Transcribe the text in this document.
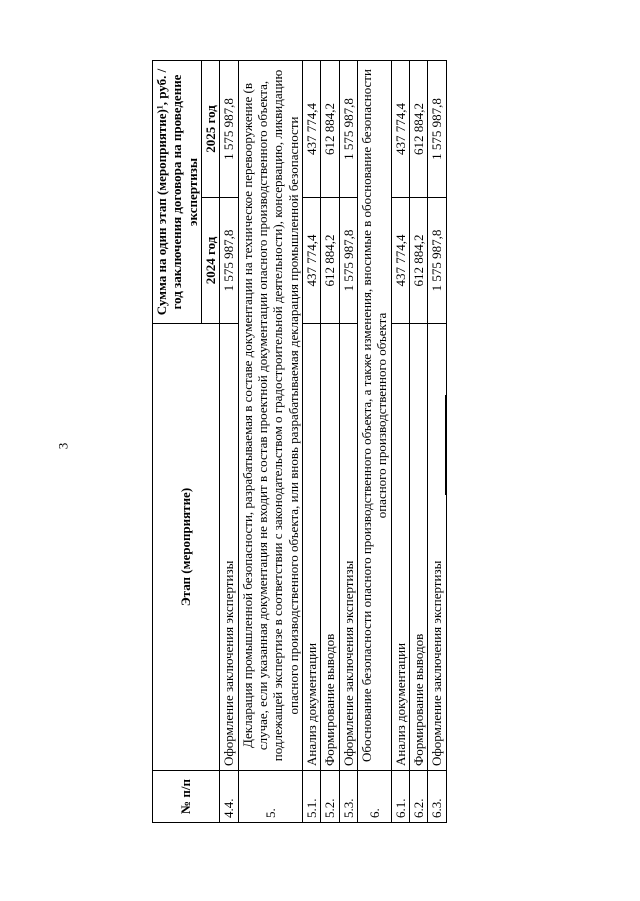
3
№ п/п	Этап (мероприятие)	Сумма на один этап (мероприятие)¹, руб. / год заключения договора на проведение экспертизы	
		2024 год	2025 год
4.4.	Оформление заключения экспертизы	1 575 987,8	1 575 987,8
5.	Декларация промышленной безопасности, разрабатываемая в составе документации на техническое перевооружение (в случае, если указанная документация не входит в состав проектной документации опасного производственного объекта, подлежащей экспертизе в соответствии с законодательством о градостроительной деятельности), консервацию, ликвидацию опасного производственного объекта, или вновь разрабатываемая декларация промышленной безопасности		
5.1.	Анализ документации	437 774,4	437 774,4
5.2.	Формирование выводов	612 884,2	612 884,2
5.3.	Оформление заключения экспертизы	1 575 987,8	1 575 987,8
6.	Обоснование безопасности опасного производственного объекта, а также изменения, вносимые в обоснование безопасности опасного производственного объекта		
6.1.	Анализ документации	437 774,4	437 774,4
6.2.	Формирование выводов	612 884,2	612 884,2
6.3.	Оформление заключения экспертизы	1 575 987,8	1 575 987,8
